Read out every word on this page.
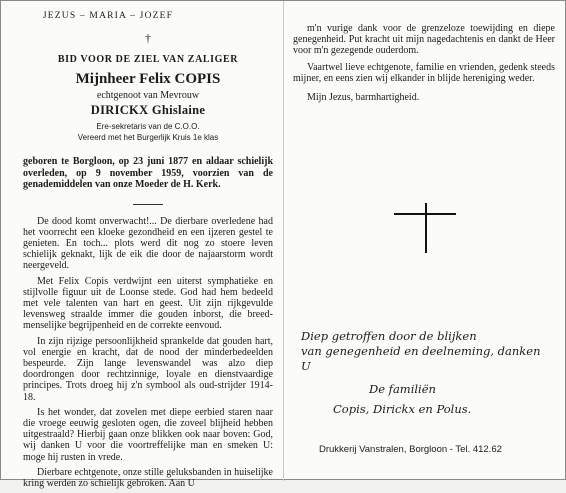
JEZUS – MARIA – JOZEF
†
BID VOOR DE ZIEL VAN ZALIGER
Mijnheer Felix COPIS
echtgenoot van Mevrouw
DIRICKX Ghislaine
Ere-sekretaris van de C.O.O.
Vereerd met het Burgerlijk Kruis 1e klas
geboren te Borgloon, op 23 juni 1877 en aldaar schielijk overleden, op 9 november 1959, voorzien van de genademiddelen van onze Moeder de H. Kerk.

De dood komt onverwacht!... De dierbare overledene had het voorrecht een kloeke gezondheid en een ijzeren gestel te genieten. En toch... plots werd dit nog zo stoere leven schielijk geknakt, lijk de eik die door de najaarstorm wordt neergeveld.

Met Felix Copis verdwijnt een uiterst symphatieke en stijlvolle figuur uit de Loonse stede. God had hem bedeeld met vele talenten van hart en geest. Uit zijn rijkgevulde levensweg straalde immer die gouden inborst, die breed-menselijke begrijpenheid en de correkte eenvoud.

In zijn rijzige persoonlijkheid sprankelde dat gouden hart, vol energie en kracht, dat de nood der minderbedeelden bespeurde. Zijn lange levenswandel was alzo diep doordrongen door rechtzinnige, loyale en dienstvaardige principes. Trots droeg hij z'n symbool als oud-strijder 1914-18.

Is het wonder, dat zovelen met diepe eerbied staren naar die vroege eeuwig gesloten ogen, die zoveel blijheid hebben uitgestraald? Hierbij gaan onze blikken ook naar boven: God, wij danken U voor die voortreffelijke man en smeken U: moge hij rusten in vrede.

Dierbare echtgenote, onze stille geluksbanden in huiselijke kring werden zo schielijk gebroken. Aan U

m'n vurige dank voor de grenzeloze toewijding en diepe genegenheid. Put kracht uit mijn nagedachtenis en dankt de Heer voor m'n gezegende ouderdom.

Vaartwel lieve echtgenote, familie en vrienden, gedenk steeds mijner, en eens zien wij elkander in blijde hereniging weder.

Mijn Jezus, barmhartigheid.
Diep getroffen door de blijken
van genegenheid en deelneming, danken
U
De familiën
Copis, Dirickx en Polus.
Drukkerij Vanstralen, Borgloon - Tel. 412.62
